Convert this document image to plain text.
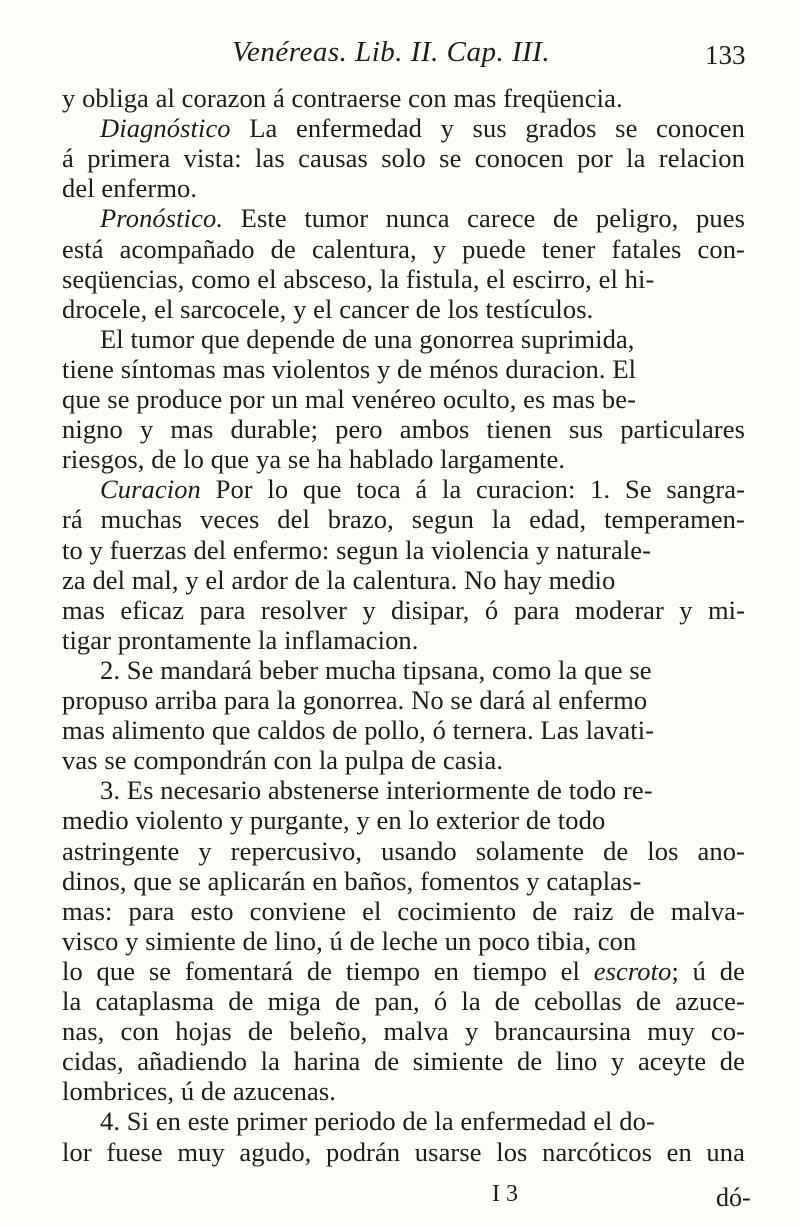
Venéreas. Lib. II. Cap. III.	133
y obliga al corazon á contraerse con mas freqüencia.
Diagnóstico La enfermedad y sus grados se conocen
á primera vista: las causas solo se conocen por la relacion
del enfermo.
Pronóstico. Este tumor nunca carece de peligro, pues
está acompañado de calentura, y puede tener fatales con-
seqüencias, como el absceso, la fistula, el escirro, el hi-
drocele, el sarcocele, y el cancer de los testículos.
El tumor que depende de una gonorrea suprimida,
tiene síntomas mas violentos y de ménos duracion. El
que se produce por un mal venéreo oculto, es mas be-
nigno y mas durable; pero ambos tienen sus particulares
riesgos, de lo que ya se ha hablado largamente.
Curacion Por lo que toca á la curacion: 1. Se sangra-
rá muchas veces del brazo, segun la edad, temperamen-
to y fuerzas del enfermo: segun la violencia y naturale-
za del mal, y el ardor de la calentura. No hay medio
mas eficaz para resolver y disipar, ó para moderar y mi-
tigar prontamente la inflamacion.
2. Se mandará beber mucha tipsana, como la que se
propuso arriba para la gonorrea. No se dará al enfermo
mas alimento que caldos de pollo, ó ternera. Las lavati-
vas se compondrán con la pulpa de casia.
3. Es necesario abstenerse interiormente de todo re-
medio violento y purgante, y en lo exterior de todo
astringente y repercusivo, usando solamente de los ano-
dinos, que se aplicarán en baños, fomentos y cataplas-
mas: para esto conviene el cocimiento de raiz de malva-
visco y simiente de lino, ú de leche un poco tibia, con
lo que se fomentará de tiempo en tiempo el escroto; ú de
la cataplasma de miga de pan, ó la de cebollas de azuce-
nas, con hojas de beleño, malva y brancaursina muy co-
cidas, añadiendo la harina de simiente de lino y aceyte de
lombrices, ú de azucenas.
4. Si en este primer periodo de la enfermedad el do-
lor fuese muy agudo, podrán usarse los narcóticos en una
I 3	dó-
